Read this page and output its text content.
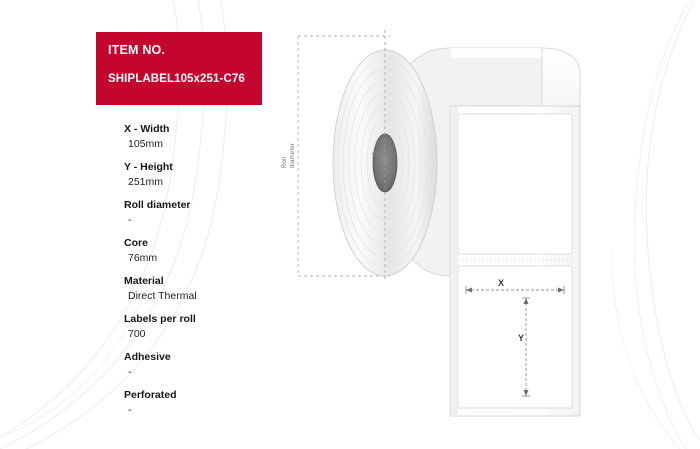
ITEM NO.
SHIPLABEL105x251-C76
X - Width
105mm
Y - Height
251mm
Roll diameter
-
Core
76mm
Material
Direct Thermal
Labels per roll
700
Adhesive
-
Perforated
-
Roll diameter	Core
X
Y
